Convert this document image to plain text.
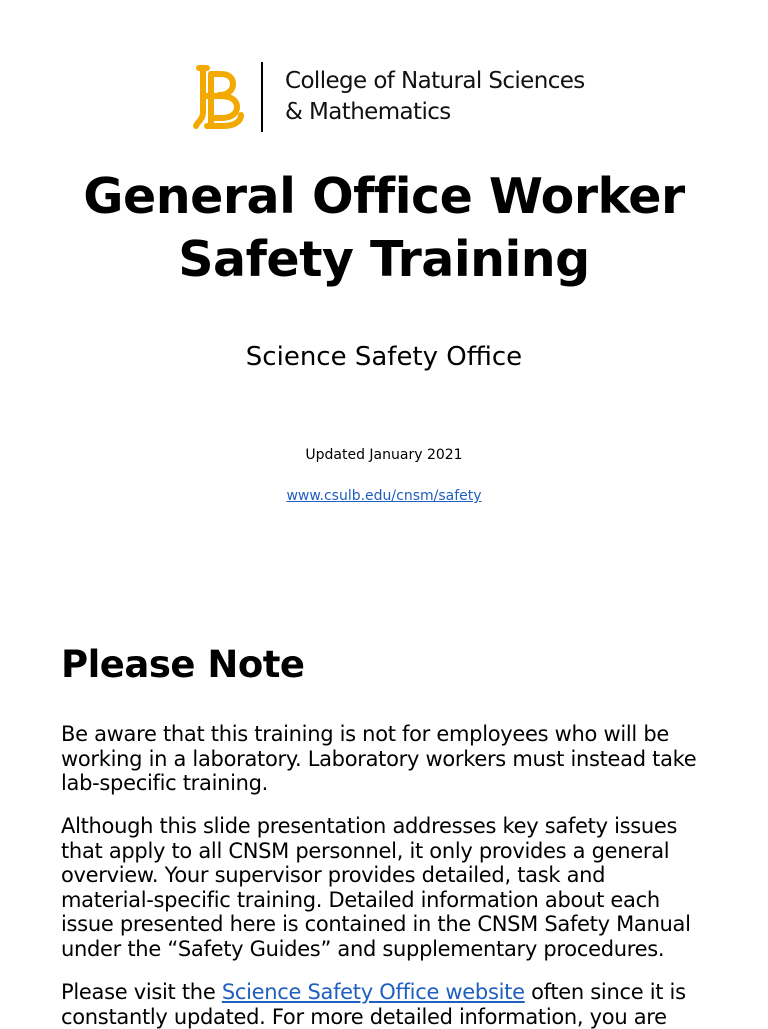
College of Natural Sciences
& Mathematics
General Office Worker
Safety Training
Science Safety Office
Updated January 2021
www.csulb.edu/cnsm/safety
Please Note
Be aware that this training is not for employees who will be
working in a laboratory. Laboratory workers must instead take
lab-specific training.
Although this slide presentation addresses key safety issues
that apply to all CNSM personnel, it only provides a general
overview. Your supervisor provides detailed, task and
material-specific training. Detailed information about each
issue presented here is contained in the CNSM Safety Manual
under the “Safety Guides” and supplementary procedures.
Please visit the Science Safety Office website often since it is
constantly updated. For more detailed information, you are
